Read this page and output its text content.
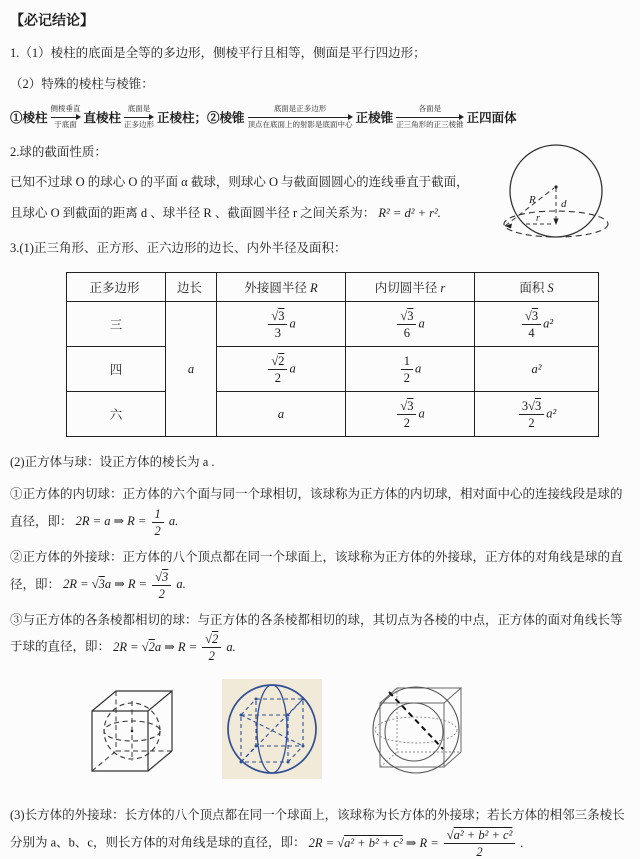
【必记结论】

1.（1）棱柱的底面是全等的多边形，侧棱平行且相等，侧面是平行四边形；

（2）特殊的棱柱与棱锥：

①棱柱
侧棱垂直
于底面 直棱柱
底面是
正多边形 正棱柱； ②棱锥
底面是正多边形
顶点在底面上的射影是底面中心 正棱锥
各面是
正三角形的正三棱锥 正四面体

2.球的截面性质：

已知不过球 O 的球心 O 的平面 α 截球，则球心 O 与截面圆圆心的连线垂直于截面，

且球心 O 到截面的距离 d 、球半径 R 、截面圆半径 r 之间关系为： R² = d² + r².

3.(1)正三角形、正方形、正六边形的边长、内外半径及面积：

R d
r
正多边形	边长	外接圆半径 R	内切圆半径 r	面积 S
三	a	$\frac{√3}{3}$ a	$\frac{√3}{6}$ a	$\frac{√3}{4} a^2$
四		$\frac{√2}{2}$ a	$\frac{1}{2}$ a	a²
六		a	$\frac{√3}{2}$ a	$\frac{3√3}{2} a^2$

(2)正方体与球：设正方体的棱长为 a .

①正方体的内切球：正方体的六个面与同一个球相切，该球称为正方体的内切球，相对面中心的连接线段是球的直径，即： 2R = a ⇒ $R = \frac{1}{2} a$.

②正方体的外接球：正方体的八个顶点都在同一个球面上，该球称为正方体的外接球，正方体的对角线是球的直径，即： 2R = √3a ⇒ $R = \frac{√3}{2} a$.

③与正方体的各条棱都相切的球：与正方体的各条棱都相切的球，其切点为各棱的中点，正方体的面对角线长等于球的直径，即： 2R = √2a ⇒ $R = \frac{√2}{2} a$.

(3)长方体的外接球：长方体的八个顶点都在同一个球面上，该球称为长方体的外接球；若长方体的相邻三条棱长分别为 a、b、c，则长方体的对角线是球的直径，即： 2R = √a² + b² + c² ⇒ $R = \frac{\text{√a² + b² + c²}}{2}$ .
